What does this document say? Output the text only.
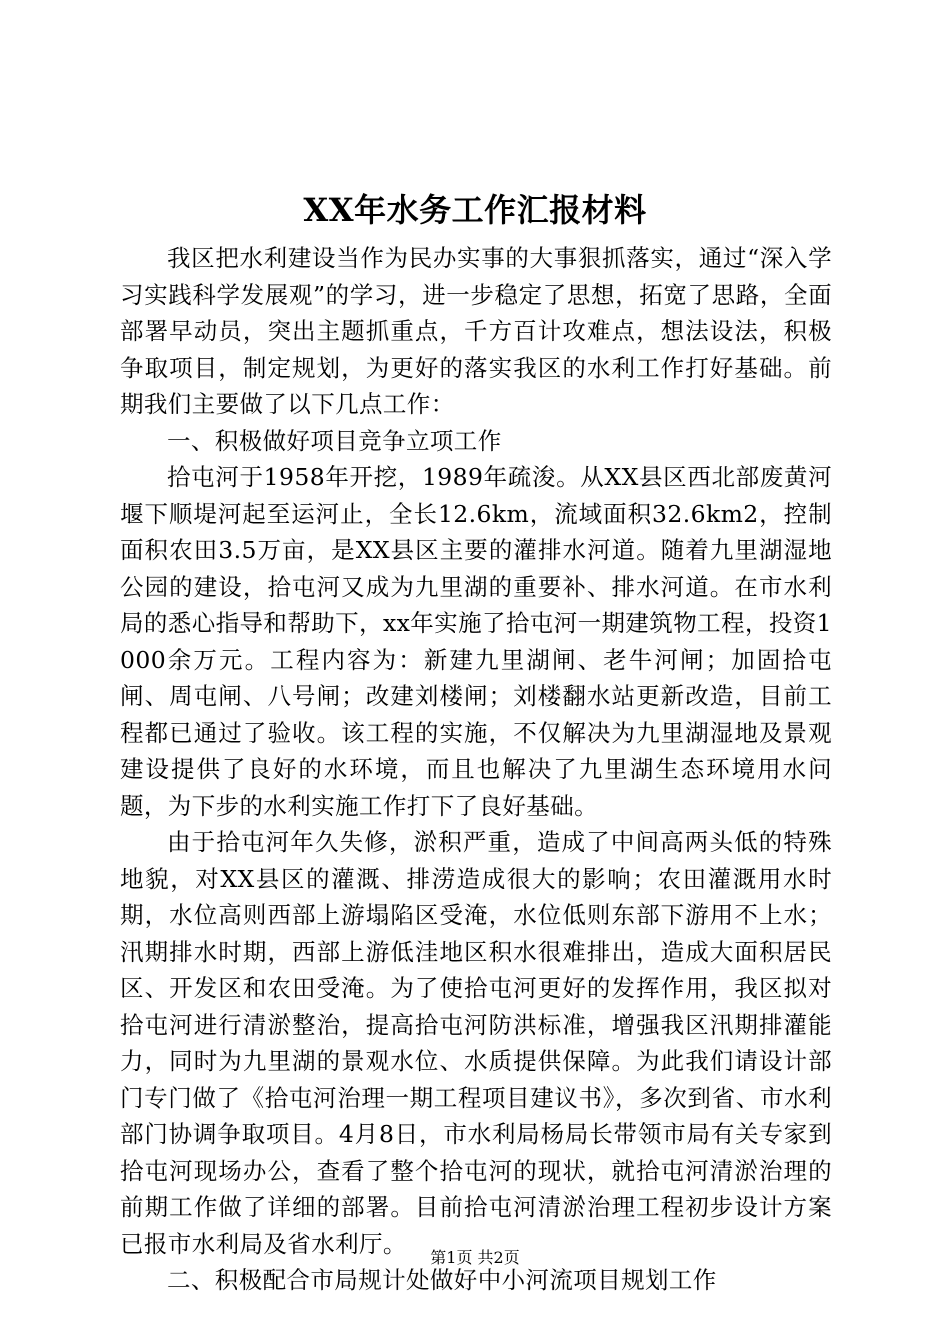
XX年水务工作汇报材料

我区把水利建设当作为民办实事的大事狠抓落实，通过“深入学习实践科学发展观”的学习，进一步稳定了思想，拓宽了思路，全面部署早动员，突出主题抓重点，千方百计攻难点，想法设法，积极争取项目，制定规划，为更好的落实我区的水利工作打好基础。前期我们主要做了以下几点工作：

一、积极做好项目竞争立项工作

拾屯河于1958年开挖，1989年疏浚。从XX县区西北部废黄河堰下顺堤河起至运河止，全长12.6km，流域面积32.6km2，控制面积农田3.5万亩，是XX县区主要的灌排水河道。随着九里湖湿地公园的建设，拾屯河又成为九里湖的重要补、排水河道。在市水利局的悉心指导和帮助下，xx年实施了拾屯河一期建筑物工程，投资1000余万元。工程内容为：新建九里湖闸、老牛河闸；加固拾屯闸、周屯闸、八号闸；改建刘楼闸；刘楼翻水站更新改造，目前工程都已通过了验收。该工程的实施，不仅解决为九里湖湿地及景观建设提供了良好的水环境，而且也解决了九里湖生态环境用水问题，为下步的水利实施工作打下了良好基础。

由于拾屯河年久失修，淤积严重，造成了中间高两头低的特殊地貌，对XX县区的灌溉、排涝造成很大的影响；农田灌溉用水时期，水位高则西部上游塌陷区受淹，水位低则东部下游用不上水；汛期排水时期，西部上游低洼地区积水很难排出，造成大面积居民区、开发区和农田受淹。为了使拾屯河更好的发挥作用，我区拟对拾屯河进行清淤整治，提高拾屯河防洪标准，增强我区汛期排灌能力，同时为九里湖的景观水位、水质提供保障。为此我们请设计部门专门做了《拾屯河治理一期工程项目建议书》，多次到省、市水利部门协调争取项目。4月8日，市水利局杨局长带领市局有关专家到拾屯河现场办公，查看了整个拾屯河的现状，就拾屯河清淤治理的前期工作做了详细的部署。目前拾屯河清淤治理工程初步设计方案已报市水利局及省水利厅。

二、积极配合市局规计处做好中小河流项目规划工作

第1页 共2页
